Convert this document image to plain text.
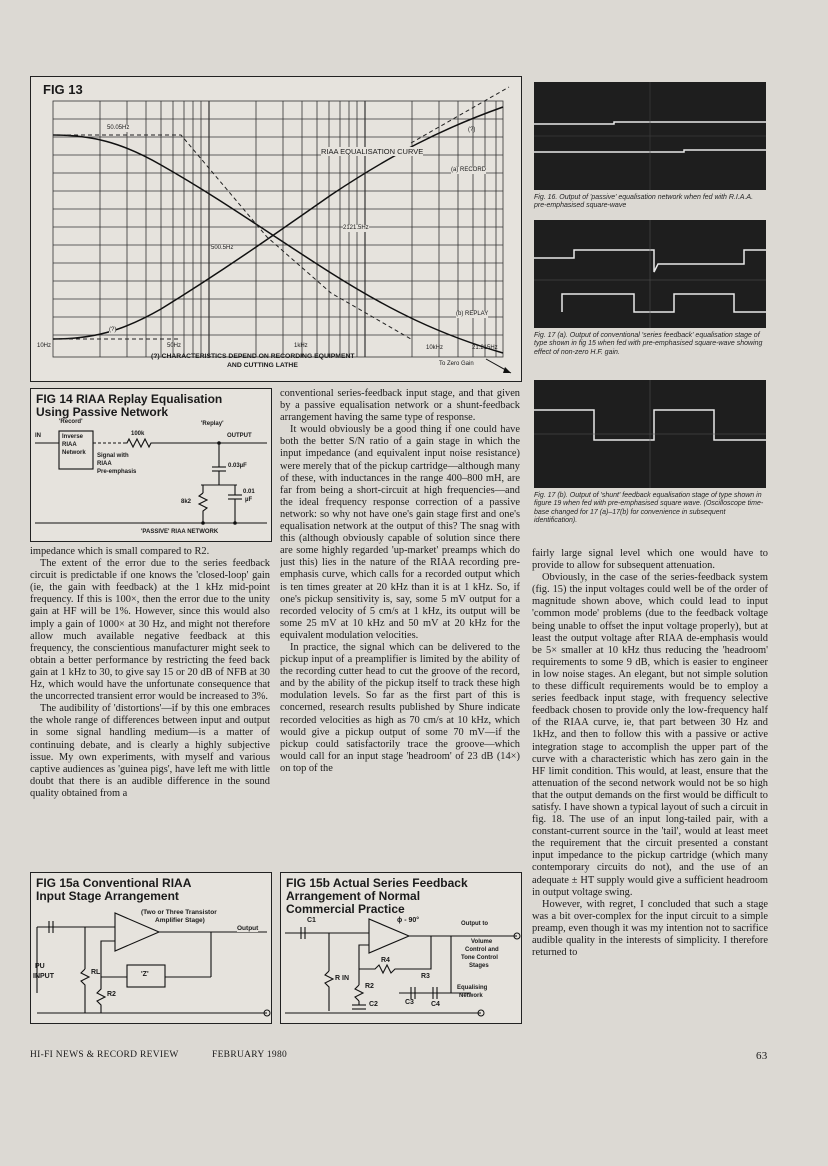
FIG 13
50.05Hz
RIAA EQUALISATION CURVE
(?)
(a) RECORD
2121.5Hz
500.5Hz
(b) REPLAY
(?)
10Hz	50Hz	1kHz	10kHz	21.215Hz
(?) CHARACTERISTICS DEPEND ON RECORDING EQUIPMENT
To Zero Gain
AND CUTTING LATHE
Fig. 16. Output of 'passive' equalisation network when fed with R.I.A.A. pre-emphasised square-wave
Fig. 17 (a). Output of conventional 'series feedback' equalisation stage of type shown in fig 15 when fed with pre-emphasised square-wave showing effect of non-zero H.F. gain.
Fig. 17 (b). Output of 'shunt' feedback equalisation stage of type shown in figure 19 when fed with pre-emphasised square wave. (Oscilloscope time-base changed for 17 (a)–17(b) for convenience in subsequent identification).
FIG 14 RIAA Replay Equalisation
Using Passive Network
'Record'	'Replay'
IN	Inverse
RIAA
Network
100k	OUTPUT
Signal with
RIAA
Pre-emphasis
0.03µF
8k2
0.01
µF
'PASSIVE' RIAA NETWORK

impedance which is small compared to R2.

The extent of the error due to the series feedback circuit is predictable if one knows the 'closed-loop' gain (ie, the gain with feedback) at the 1 kHz mid-point frequency. If this is 100×, then the error due to the unity gain at HF will be 1%. However, since this would also imply a gain of 1000× at 30 Hz, and might not therefore allow much available negative feedback at this frequency, the conscientious manufacturer might seek to obtain a better performance by restricting the feed back gain at 1 kHz to 30, to give say 15 or 20 dB of NFB at 30 Hz, which would have the unfortunate consequence that the uncorrected transient error would be increased to 3%.

The audibility of 'distortions'—if by this one embraces the whole range of differences between input and output in some signal handling medium—is a matter of continuing debate, and is clearly a highly subjective issue. My own experiments, with myself and various captive audiences as 'guinea pigs', have left me with little doubt that there is an audible difference in the sound quality obtained from a

conventional series-feedback input stage, and that given by a passive equalisation network or a shunt-feedback arrangement having the same type of response.

It would obviously be a good thing if one could have both the better S/N ratio of a gain stage in which the input impedance (and equivalent input noise resistance) were merely that of the pickup cartridge—although many of these, with inductances in the range 400–800 mH, are far from being a short-circuit at high frequencies—and the ideal frequency response correction of a passive network: so why not have one's gain stage first and one's equalisation network at the output of this? The snag with this (although obviously capable of solution since there are some highly regarded 'up-market' preamps which do just this) lies in the nature of the RIAA recording pre-emphasis curve, which calls for a recorded output which is ten times greater at 20 kHz than it is at 1 kHz. So, if one's pickup sensitivity is, say, some 5 mV output for a recorded velocity of 5 cm/s at 1 kHz, its output will be some 25 mV at 10 kHz and 50 mV at 20 kHz for the equivalent modulation velocities.

In practice, the signal which can be delivered to the pickup input of a preamplifier is limited by the ability of the recording cutter head to cut the groove of the record, and by the ability of the pickup itself to track these high modulation levels. So far as the first part of this is concerned, research results published by Shure indicate recorded velocities as high as 70 cm/s at 10 kHz, which would give a pickup output of some 70 mV—if the pickup could satisfactorily trace the groove—which would call for an input stage 'headroom' of 23 dB (14×) on top of the

fairly large signal level which one would have to provide to allow for subsequent attenuation.

Obviously, in the case of the series-feedback system (fig. 15) the input voltages could well be of the order of magnitude shown above, which could lead to input 'common mode' problems (due to the feedback voltage being unable to offset the input voltage properly), but at least the output voltage after RIAA de-emphasis would be 5× smaller at 10 kHz thus reducing the 'headroom' requirements to some 9 dB, which is easier to engineer in low noise stages. An elegant, but not simple solution to these difficult requirements would be to employ a series feedback input stage, with frequency selective feedback chosen to provide only the low-frequency half of the RIAA curve, ie, that part between 30 Hz and 1kHz, and then to follow this with a passive or active integration stage to accomplish the upper part of the curve with a characteristic which has zero gain in the HF limit condition. This would, at least, ensure that the attenuation of the second network would not be so high that the output demands on the first would be difficult to satisfy. I have shown a typical layout of such a circuit in fig. 18. The use of an input long-tailed pair, with a constant-current source in the 'tail', would at least meet the requirement that the circuit presented a constant input impedance to the pickup cartridge (which many contemporary circuits do not), and the use of an adequate ± HT supply would give a sufficient headroom in output voltage swing.

However, with regret, I concluded that such a stage was a bit over-complex for the input circuit to a simple preamp, even though it was my intention not to sacrifice audible quality in the interests of simplicity. I therefore returned to

FIG 15a Conventional RIAA
Input Stage Arrangement
(Two or Three Transistor
Amplifier Stage)
Output
PU
INPUT
RL	'Z'
R2
FIG 15b Actual Series Feedback
Arrangement of Normal
Commercial Practice
C1	ϕ - 90°	Output to
Volume
Control and
Tone Control
Stages
R IN
R4
R3
R2
C2	C3 C4
Equalising
Network
HI-FI NEWS & RECORD REVIEW	FEBRUARY 1980	63
